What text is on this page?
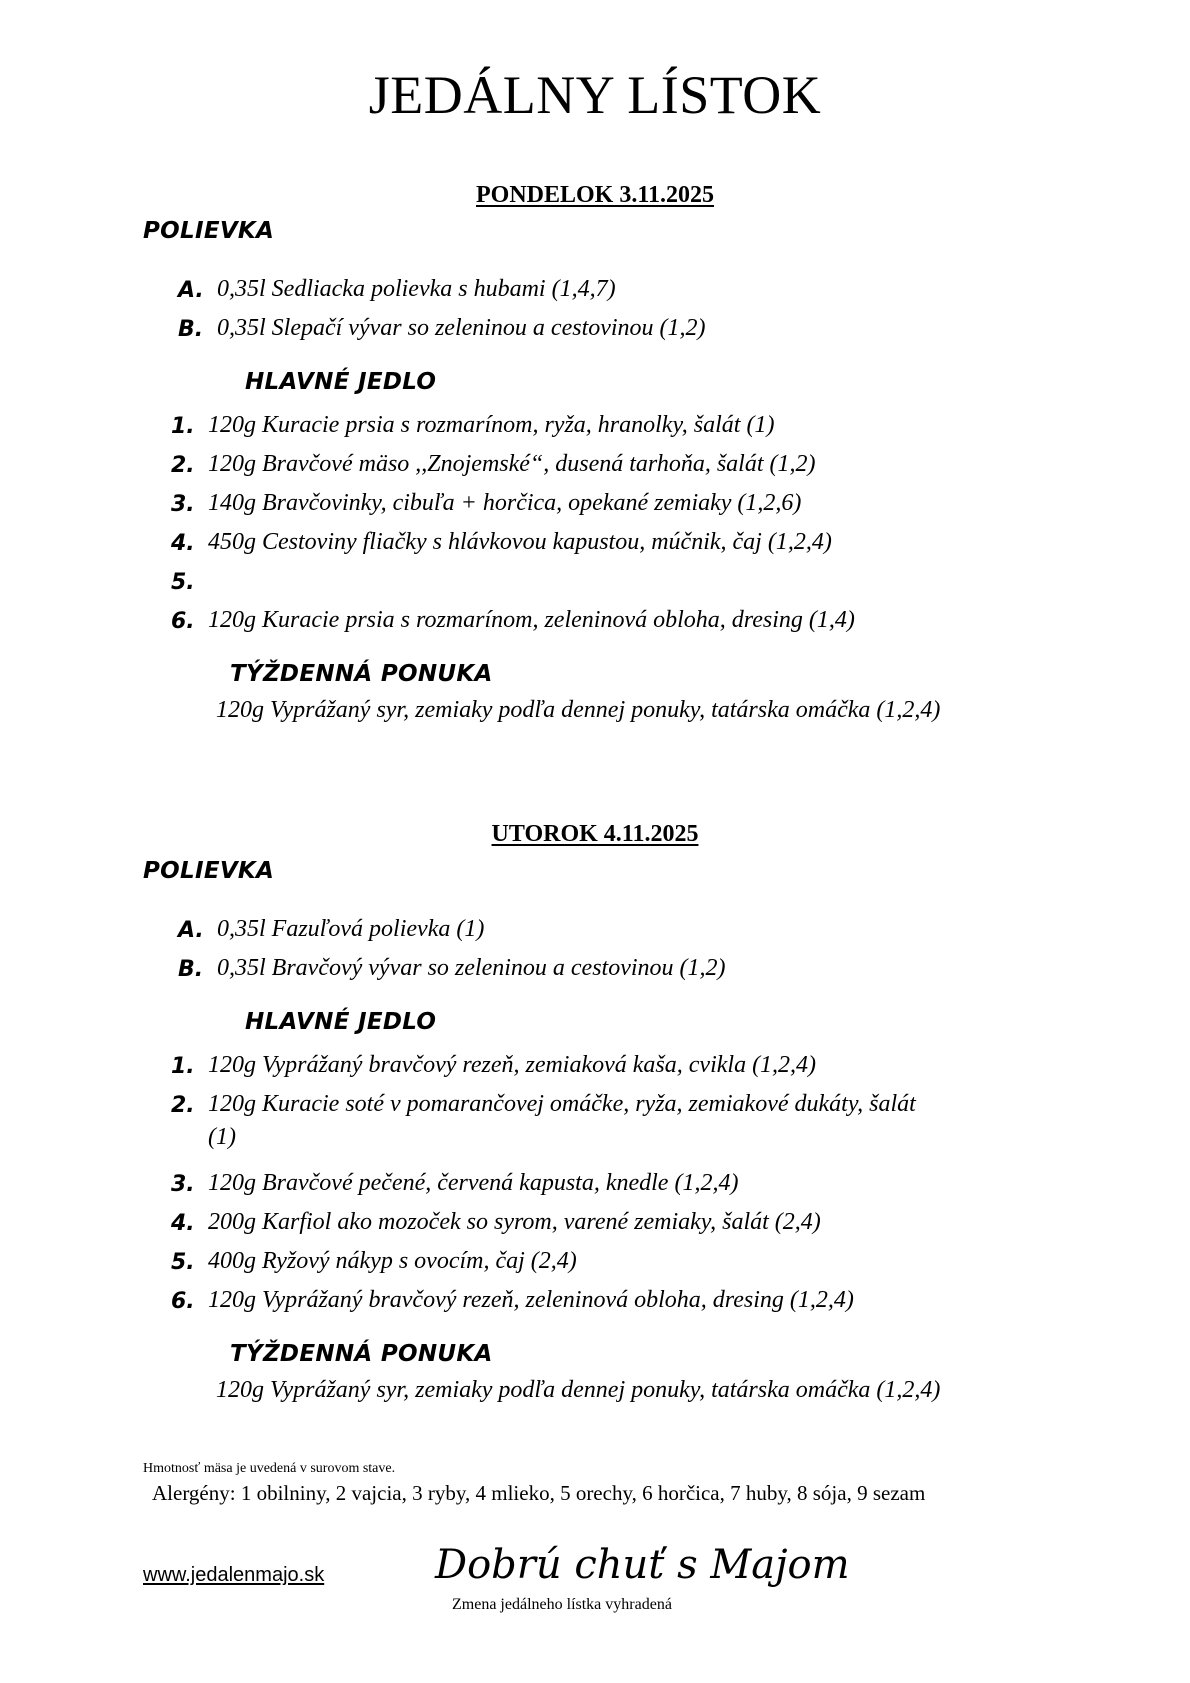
JEDÁLNY LÍSTOK
PONDELOK 3.11.2025
POLIEVKA
A. 0,35l Sedliacka polievka s hubami (1,4,7)
B. 0,35l Slepačí vývar so zeleninou a cestovinou (1,2)
HLAVNÉ JEDLO
1. 120g Kuracie prsia s rozmarínom, ryža, hranolky, šalát (1)
2. 120g Bravčové mäso ,,Znojemské“, dusená tarhoňa, šalát (1,2)
3. 140g Bravčovinky, cibuľa + horčica, opekané zemiaky (1,2,6)
4. 450g Cestoviny fliačky s hlávkovou kapustou, múčnik, čaj (1,2,4)
5.
6. 120g Kuracie prsia s rozmarínom, zeleninová obloha, dresing (1,4)
TÝŽDENNÁ PONUKA
120g Vyprážaný syr, zemiaky podľa dennej ponuky, tatárska omáčka (1,2,4)
UTOROK 4.11.2025
POLIEVKA
A. 0,35l Fazuľová polievka (1)
B. 0,35l Bravčový vývar so zeleninou a cestovinou (1,2)
HLAVNÉ JEDLO
1. 120g Vyprážaný bravčový rezeň, zemiaková kaša, cvikla (1,2,4)
2. 120g Kuracie soté v pomarančovej omáčke, ryža, zemiakové dukáty, šalát
(1)
3. 120g Bravčové pečené, červená kapusta, knedle (1,2,4)
4. 200g Karfiol ako mozoček so syrom, varené zemiaky, šalát (2,4)
5. 400g Ryžový nákyp s ovocím, čaj (2,4)
6. 120g Vyprážaný bravčový rezeň, zeleninová obloha, dresing (1,2,4)
TÝŽDENNÁ PONUKA
120g Vyprážaný syr, zemiaky podľa dennej ponuky, tatárska omáčka (1,2,4)
Hmotnosť mäsa je uvedená v surovom stave.
Alergény: 1 obilniny, 2 vajcia, 3 ryby, 4 mlieko, 5 orechy, 6 horčica, 7 huby, 8 sója, 9 sezam
www.jedalenmajo.sk	Dobrú chuť s Majom
Zmena jedálneho lístka vyhradená
